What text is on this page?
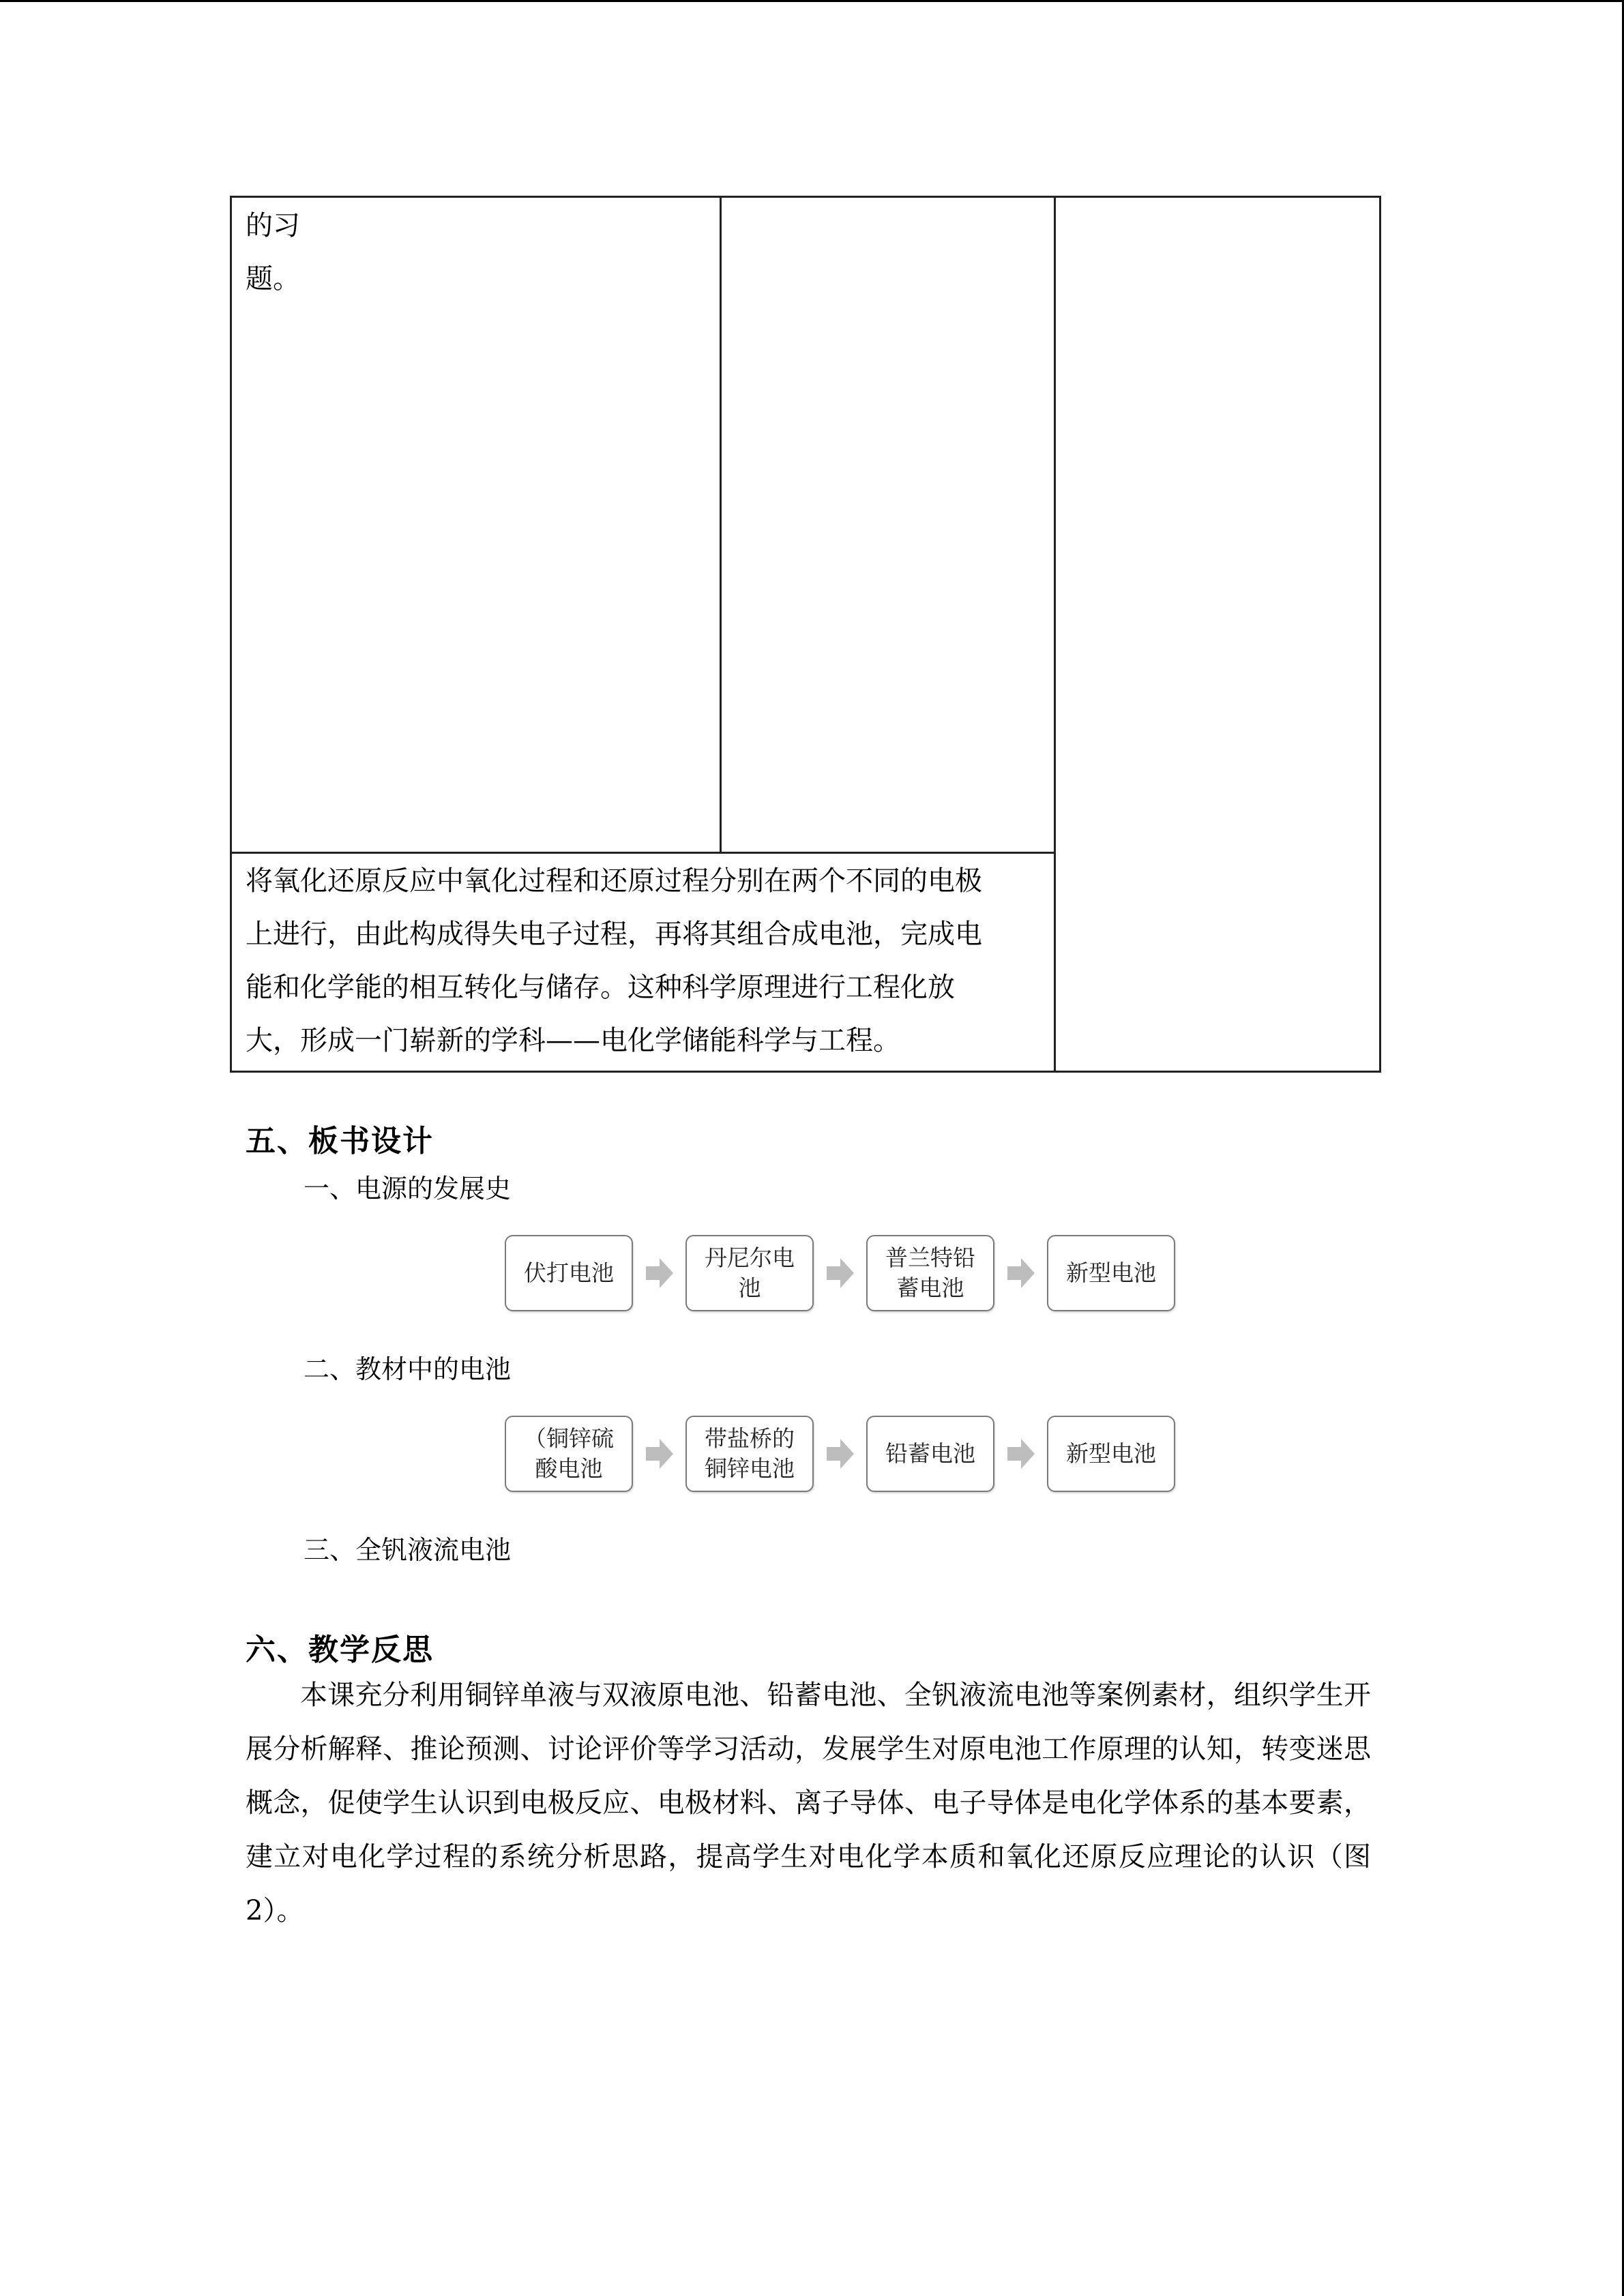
的习题。
将氧化还原反应中氧化过程和还原过程分别在两个不同的电极
上进行，由此构成得失电子过程，再将其组合成电池，完成电
能和化学能的相互转化与储存。这种科学原理进行工程化放
大，形成一门崭新的学科——电化学储能科学与工程。
五、板书设计
一、电源的发展史
伏打电池
丹尼尔电池
普兰特铅蓄电池
新型电池
二、教材中的电池
（铜锌硫酸电池
带盐桥的铜锌电池
铅蓄电池	新型电池
三、全钒液流电池
六、教学反思

本课充分利用铜锌单液与双液原电池、铅蓄电池、全钒液流电池等案例素材，组织学生开展分析解释、推论预测、讨论评价等学习活动，发展学生对原电池工作原理的认知，转变迷思概念，促使学生认识到电极反应、电极材料、离子导体、电子导体是电化学体系的基本要素，建立对电化学过程的系统分析思路，提高学生对电化学本质和氧化还原反应理论的认识（图 2）。
